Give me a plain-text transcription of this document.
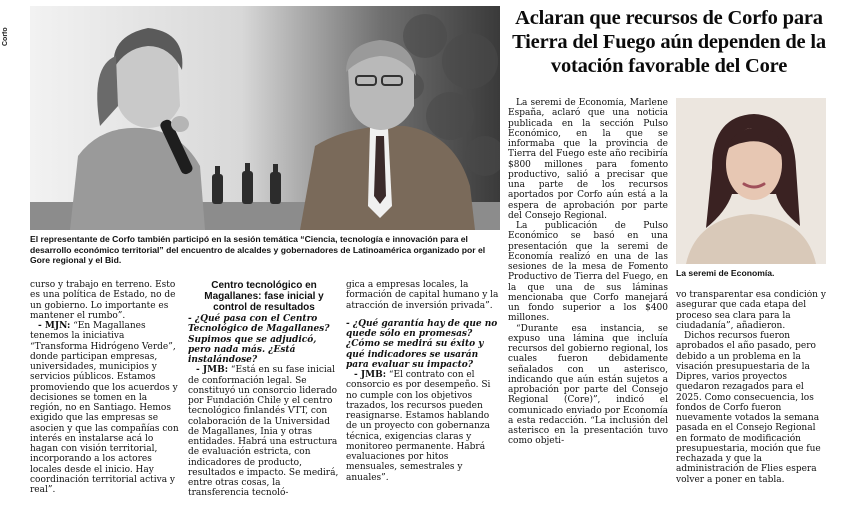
Corfo
El representante de Corfo también participó en la sesión temática “Ciencia, tecnología e innovación para el desarrollo económico territorial” del encuentro de alcaldes y gobernadores de Latinoamérica organizado por el Gore regional y el Bid.
Aclaran que recursos de Corfo para Tierra del Fuego aún dependen de la votación favorable del Core
La seremi de Economía.

curso y trabajo en terreno. Esto es una política de Estado, no de un gobierno. Lo importante es mantener el rumbo”.

- MJN: “En Magallanes tenemos la iniciativa “Transforma Hidrógeno Verde”, donde participan empresas, universidades, municipios y servicios públicos. Estamos promoviendo que los acuerdos y decisiones se tomen en la región, no en Santiago. Hemos exigido que las empresas se asocien y que las compañías con interés en instalarse acá lo hagan con visión territorial, incorporando a los actores locales desde el inicio. Hay coordinación territorial activa y real”.

Centro tecnológico en Magallanes: fase inicial y control de resultados

- ¿Qué pasa con el Centro Tecnológico de Magallanes? Supimos que se adjudicó, pero nada más. ¿Está instalándose?

- JMB: “Está en su fase inicial de conformación legal. Se constituyó un consorcio liderado por Fundación Chile y el centro tecnológico finlandés VTT, con colaboración de la Universidad de Magallanes, Inia y otras entidades. Habrá una estructura de evaluación estricta, con indicadores de producto, resultados e impacto. Se medirá, entre otras cosas, la transferencia tecnoló-

gica a empresas locales, la formación de capital humano y la atracción de inversión privada”.

- ¿Qué garantía hay de que no quede sólo en promesas? ¿Cómo se medirá su éxito y qué indicadores se usarán para evaluar su impacto?

- JMB: “El contrato con el consorcio es por desempeño. Si no cumple con los objetivos trazados, los recursos pueden reasignarse. Estamos hablando de un proyecto con gobernanza técnica, exigencias claras y monitoreo permanente. Habrá evaluaciones por hitos mensuales, semestrales y anuales”.

La seremi de Economía, Marlene España, aclaró que una noticia publicada en la sección Pulso Económico, en la que se informaba que la provincia de Tierra del Fuego este año recibiría $800 millones para fomento productivo, salió a precisar que una parte de los recursos aportados por Corfo aún está a la espera de aprobación por parte del Consejo Regional.

La publicación de Pulso Económico se basó en una presentación que la seremi de Economía realizó en una de las sesiones de la mesa de Fomento Productivo de Tierra del Fuego, en la que una de sus láminas mencionaba que Corfo manejará un fondo superior a los $400 millones.

“Durante esa instancia, se expuso una lámina que incluía recursos del gobierno regional, los cuales fueron debidamente señalados con un asterisco, indicando que aún están sujetos a aprobación por parte del Consejo Regional (Core)”, indicó el comunicado enviado por Economía a esta redacción. “La inclusión del asterisco en la presentación tuvo como objeti-

vo transparentar esa condición y asegurar que cada etapa del proceso sea clara para la ciudadanía”, añadieron.

Dichos recursos fueron aprobados el año pasado, pero debido a un problema en la visación presupuestaria de la Dipres, varios proyectos quedaron rezagados para el 2025. Como consecuencia, los fondos de Corfo fueron nuevamente votados la semana pasada en el Consejo Regional en formato de modificación presupuestaria, moción que fue rechazada y que la administración de Flies espera volver a poner en tabla.
